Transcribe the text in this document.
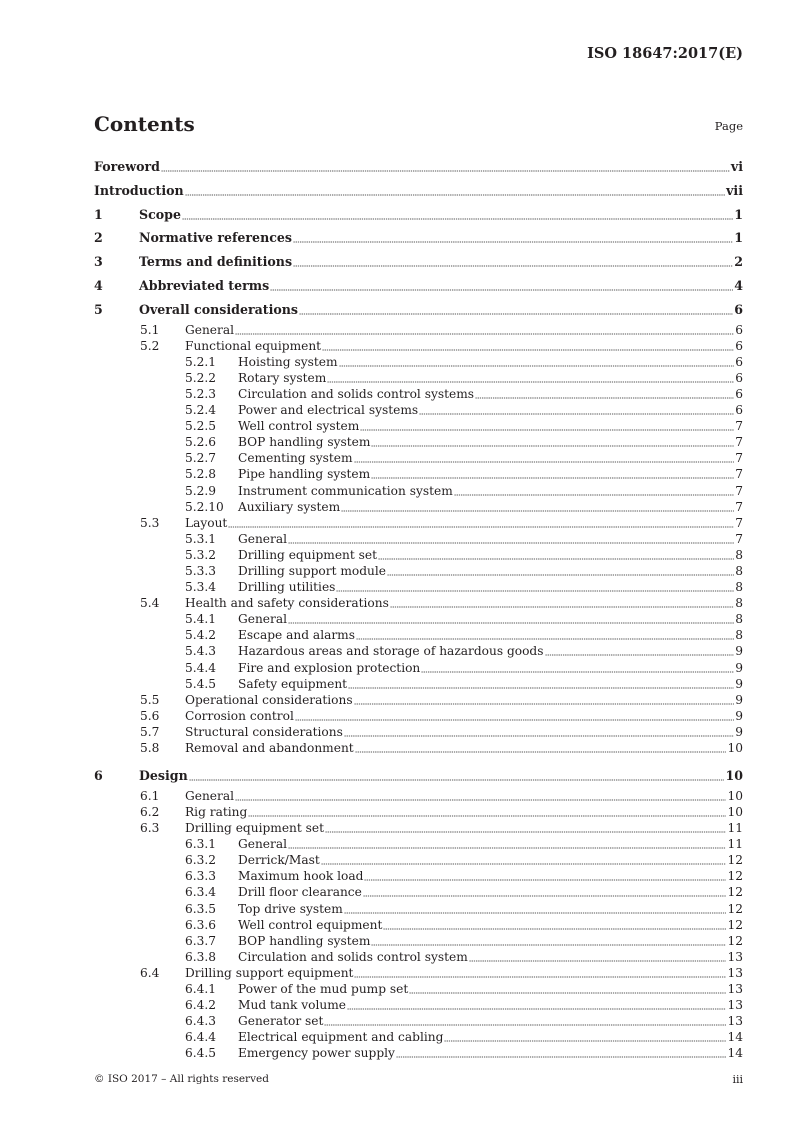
ISO 18647:2017(E)
Contents	Page
Foreword	vi
Introduction	vii
1	Scope	1
2	Normative references	1
3	Terms and definitions	2
4	Abbreviated terms	4
5	Overall considerations	6
5.1	General	6
5.2	Functional equipment	6
5.2.1	Hoisting system	6
5.2.2	Rotary system	6
5.2.3	Circulation and solids control systems	6
5.2.4	Power and electrical systems	6
5.2.5	Well control system	7
5.2.6	BOP handling system	7
5.2.7	Cementing system	7
5.2.8	Pipe handling system	7
5.2.9	Instrument communication system	7
5.2.10	Auxiliary system	7
5.3	Layout	7
5.3.1	General	7
5.3.2	Drilling equipment set	8
5.3.3	Drilling support module	8
5.3.4	Drilling utilities	8
5.4	Health and safety considerations	8
5.4.1	General	8
5.4.2	Escape and alarms	8
5.4.3	Hazardous areas and storage of hazardous goods	9
5.4.4	Fire and explosion protection	9
5.4.5	Safety equipment	9
5.5	Operational considerations	9
5.6	Corrosion control	9
5.7	Structural considerations	9
5.8	Removal and abandonment	10
6	Design	10
6.1	General	10
6.2	Rig rating	10
6.3	Drilling equipment set	11
6.3.1	General	11
6.3.2	Derrick/Mast	12
6.3.3	Maximum hook load	12
6.3.4	Drill floor clearance	12
6.3.5	Top drive system	12
6.3.6	Well control equipment	12
6.3.7	BOP handling system	12
6.3.8	Circulation and solids control system	13
6.4	Drilling support equipment	13
6.4.1	Power of the mud pump set	13
6.4.2	Mud tank volume	13
6.4.3	Generator set	13
6.4.4	Electrical equipment and cabling	14
6.4.5	Emergency power supply	14
© ISO 2017 – All rights reserved	iii
